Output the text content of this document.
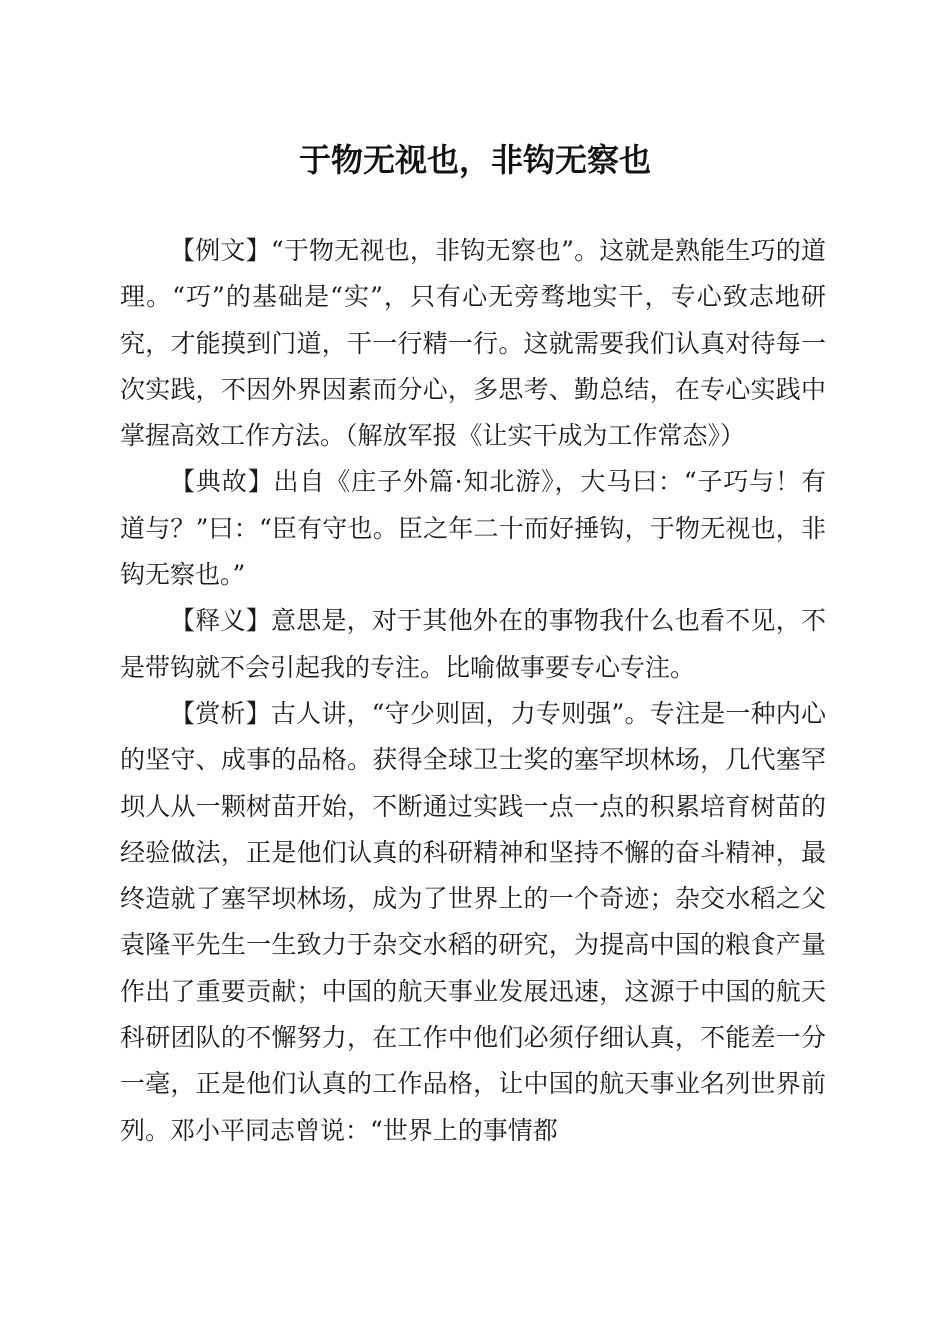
于物无视也，非钩无察也

【例文】“于物无视也，非钩无察也”。这就是熟能生巧的道理。“巧”的基础是“实”，只有心无旁骛地实干，专心致志地研究，才能摸到门道，干一行精一行。这就需要我们认真对待每一次实践，不因外界因素而分心，多思考、勤总结，在专心实践中掌握高效工作方法。（解放军报《让实干成为工作常态》）

【典故】出自《庄子外篇·知北游》，大马曰：“子巧与！有道与？”曰：“臣有守也。臣之年二十而好捶钩，于物无视也，非钩无察也。”

【释义】意思是，对于其他外在的事物我什么也看不见，不是带钩就不会引起我的专注。比喻做事要专心专注。

【赏析】古人讲，“守少则固，力专则强”。专注是一种内心的坚守、成事的品格。获得全球卫士奖的塞罕坝林场，几代塞罕坝人从一颗树苗开始，不断通过实践一点一点的积累培育树苗的经验做法，正是他们认真的科研精神和坚持不懈的奋斗精神，最终造就了塞罕坝林场，成为了世界上的一个奇迹；杂交水稻之父袁隆平先生一生致力于杂交水稻的研究，为提高中国的粮食产量作出了重要贡献；中国的航天事业发展迅速，这源于中国的航天科研团队的不懈努力，在工作中他们必须仔细认真，不能差一分一毫，正是他们认真的工作品格，让中国的航天事业名列世界前列。邓小平同志曾说：“世界上的事情都
